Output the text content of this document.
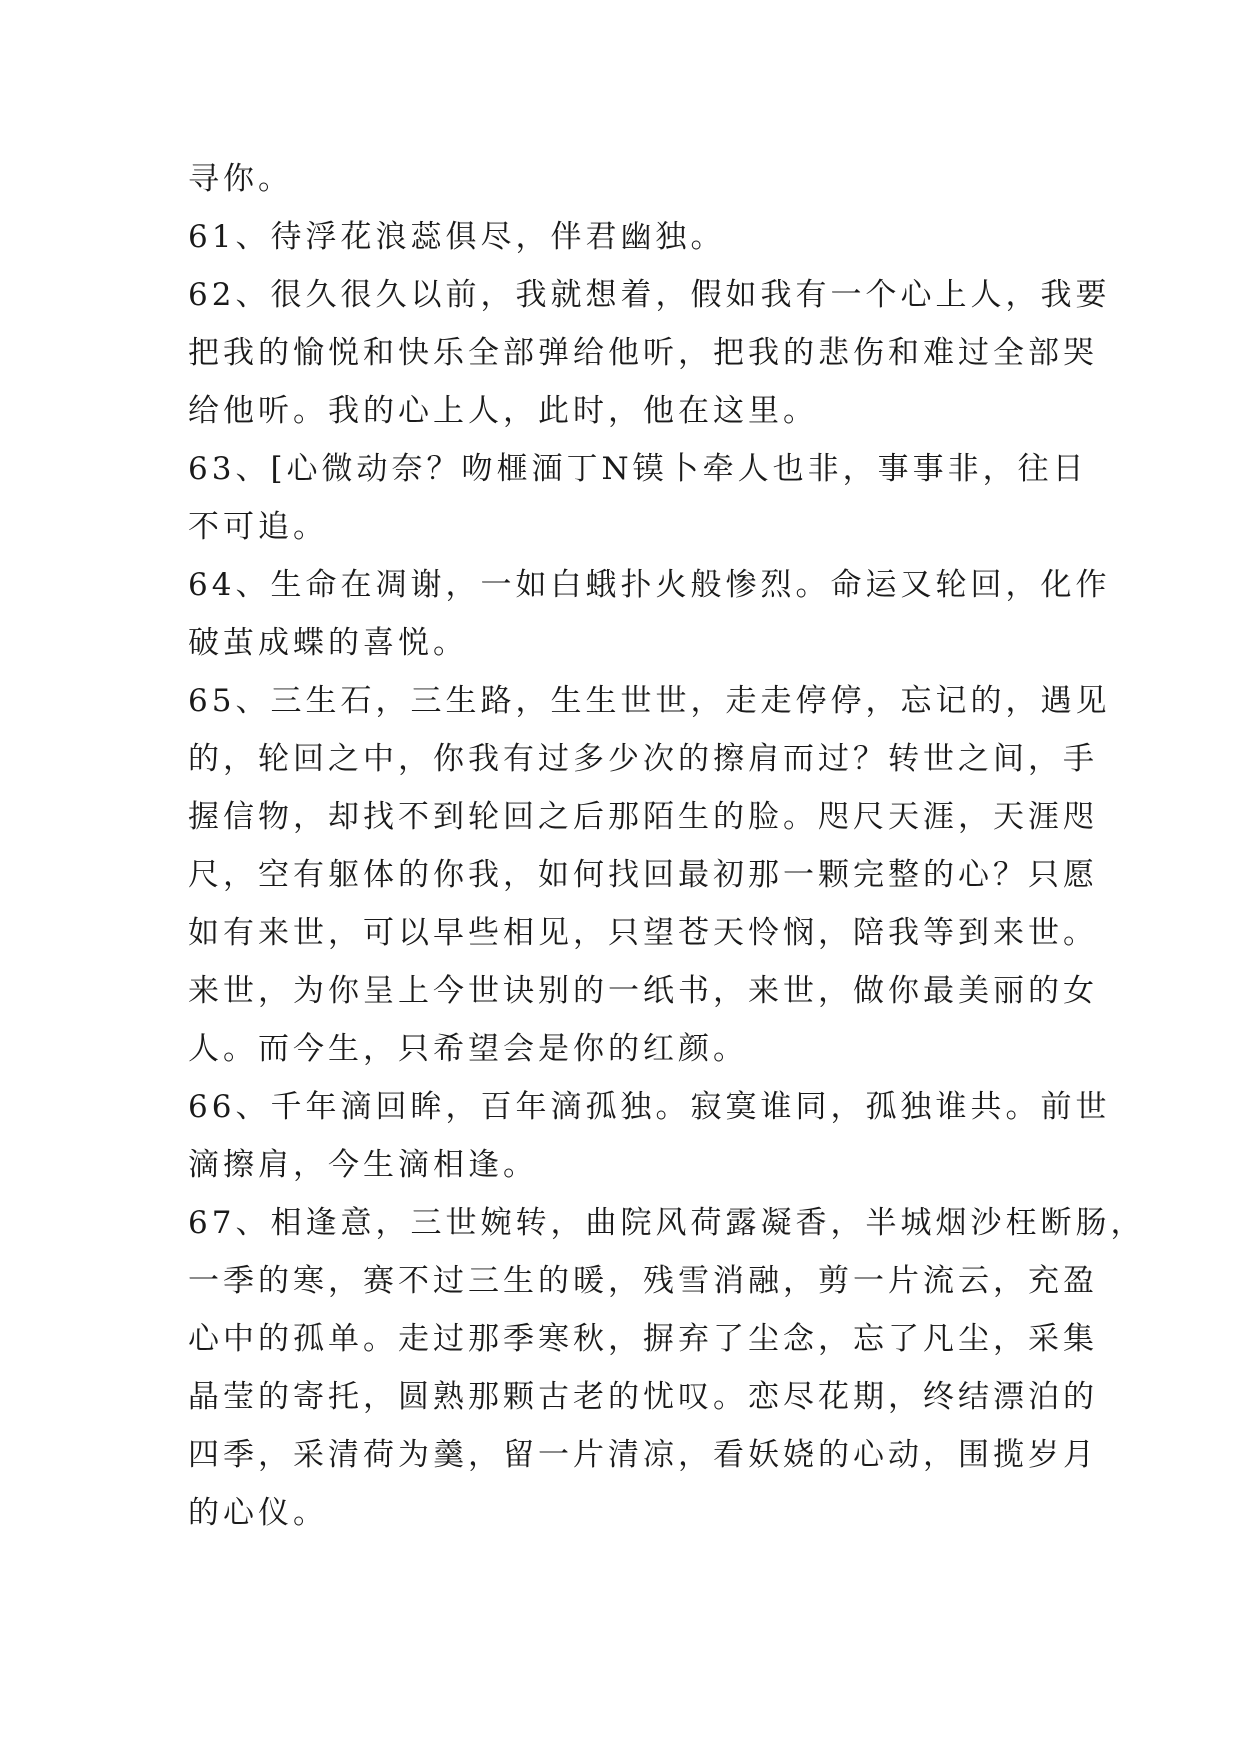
寻你。
61、待浮花浪蕊俱尽，伴君幽独。
62、很久很久以前，我就想着，假如我有一个心上人，我要
把我的愉悦和快乐全部弹给他听，把我的悲伤和难过全部哭
给他听。我的心上人，此时，他在这里。
63、[心微动奈？吻榧湎丁N镆卜牵人也非，事事非，往日
不可追。
64、生命在凋谢，一如白蛾扑火般惨烈。命运又轮回，化作
破茧成蝶的喜悦。
65、三生石，三生路，生生世世，走走停停，忘记的，遇见
的，轮回之中，你我有过多少次的擦肩而过？转世之间，手
握信物，却找不到轮回之后那陌生的脸。咫尺天涯，天涯咫
尺，空有躯体的你我，如何找回最初那一颗完整的心？只愿
如有来世，可以早些相见，只望苍天怜悯，陪我等到来世。
来世，为你呈上今世诀别的一纸书，来世，做你最美丽的女
人。而今生，只希望会是你的红颜。
66、千年滴回眸，百年滴孤独。寂寞谁同，孤独谁共。前世
滴擦肩，今生滴相逢。
67、相逢意，三世婉转，曲院风荷露凝香，半城烟沙枉断肠，
一季的寒，赛不过三生的暖，残雪消融，剪一片流云，充盈
心中的孤单。走过那季寒秋，摒弃了尘念，忘了凡尘，采集
晶莹的寄托，圆熟那颗古老的忧叹。恋尽花期，终结漂泊的
四季，采清荷为羹，留一片清凉，看妖娆的心动，围揽岁月
的心仪。
